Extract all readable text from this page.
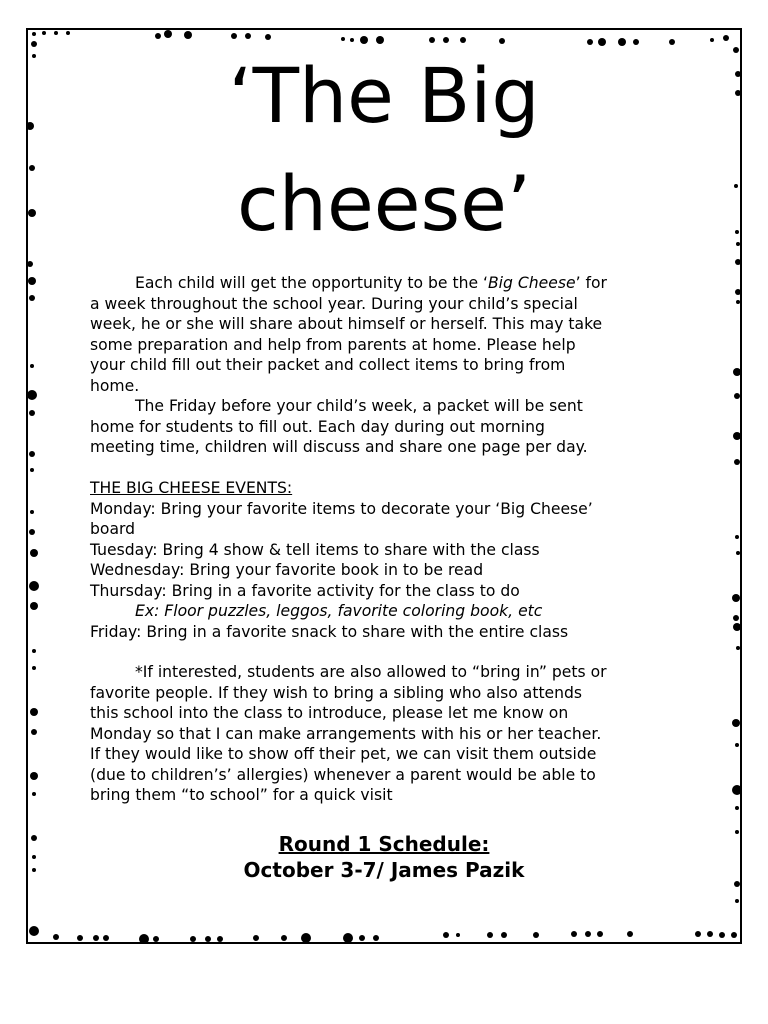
‘The Big
cheese’
Each child will get the opportunity to be the ‘Big Cheese’ for
a week throughout the school year. During your child’s special
week, he or she will share about himself or herself. This may take
some preparation and help from parents at home. Please help
your child fill out their packet and collect items to bring from
home.
The Friday before your child’s week, a packet will be sent
home for students to fill out. Each day during out morning
meeting time, children will discuss and share one page per day.
THE BIG CHEESE EVENTS:
Monday: Bring your favorite items to decorate your ‘Big Cheese’
board
Tuesday: Bring 4 show & tell items to share with the class
Wednesday: Bring your favorite book in to be read
Thursday: Bring in a favorite activity for the class to do
Ex: Floor puzzles, leggos, favorite coloring book, etc
Friday: Bring in a favorite snack to share with the entire class
*If interested, students are also allowed to “bring in” pets or
favorite people. If they wish to bring a sibling who also attends
this school into the class to introduce, please let me know on
Monday so that I can make arrangements with his or her teacher.
If they would like to show off their pet, we can visit them outside
(due to children’s’ allergies) whenever a parent would be able to
bring them “to school” for a quick visit
Round 1 Schedule:
October 3-7/ James Pazik
